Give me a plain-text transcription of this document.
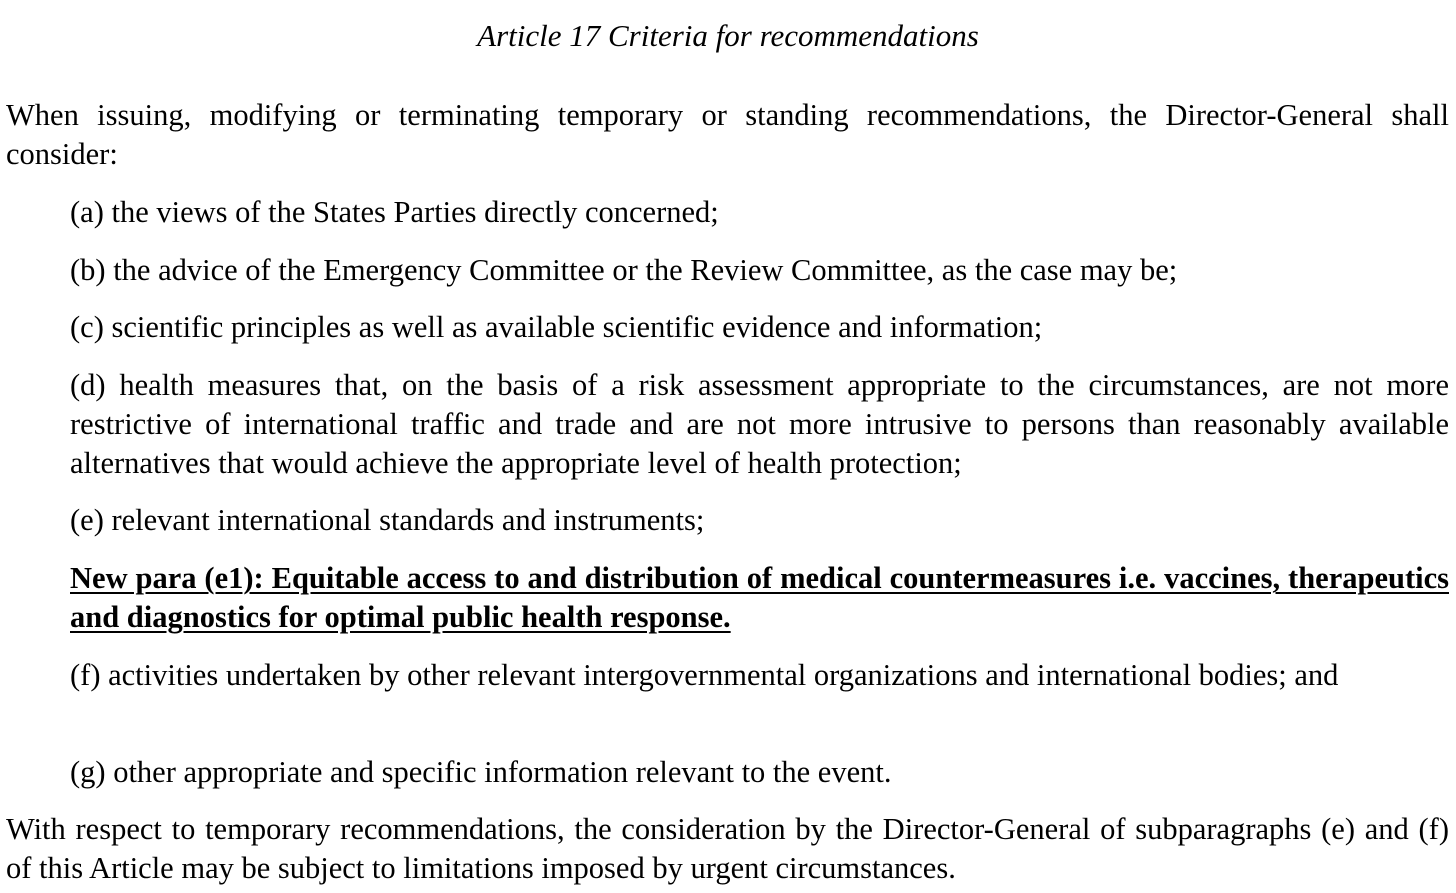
Article 17 Criteria for recommendations

When issuing, modifying or terminating temporary or standing recommendations, the Director-General shall consider:

(a) the views of the States Parties directly concerned;

(b) the advice of the Emergency Committee or the Review Committee, as the case may be;

(c) scientific principles as well as available scientific evidence and information;

(d) health measures that, on the basis of a risk assessment appropriate to the circumstances, are not more restrictive of international traffic and trade and are not more intrusive to persons than reasonably available alternatives that would achieve the appropriate level of health protection;

(e) relevant international standards and instruments;

New para (e1): Equitable access to and distribution of medical countermeasures i.e. vaccines, therapeutics and diagnostics for optimal public health response.

(f) activities undertaken by other relevant intergovernmental organizations and international bodies; and

(g) other appropriate and specific information relevant to the event.

With respect to temporary recommendations, the consideration by the Director-General of subparagraphs (e) and (f) of this Article may be subject to limitations imposed by urgent circumstances.
